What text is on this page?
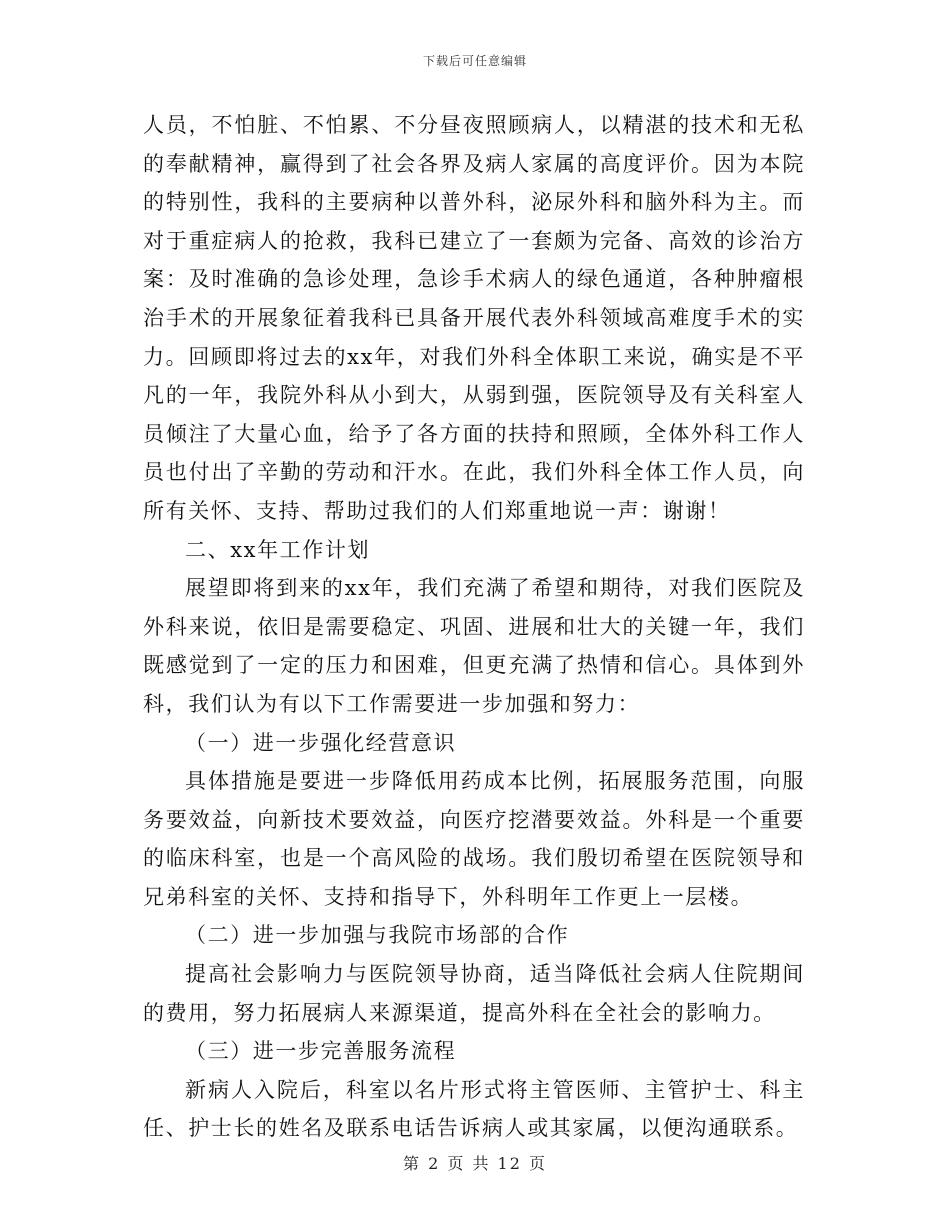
下载后可任意编辑

人员，不怕脏、不怕累、不分昼夜照顾病人，以精湛的技术和无私的奉献精神，赢得到了社会各界及病人家属的高度评价。因为本院的特别性，我科的主要病种以普外科，泌尿外科和脑外科为主。而对于重症病人的抢救，我科已建立了一套颇为完备、高效的诊治方案：及时准确的急诊处理，急诊手术病人的绿色通道，各种肿瘤根治手术的开展象征着我科已具备开展代表外科领域高难度手术的实力。回顾即将过去的xx年，对我们外科全体职工来说，确实是不平凡的一年，我院外科从小到大，从弱到强，医院领导及有关科室人员倾注了大量心血，给予了各方面的扶持和照顾，全体外科工作人员也付出了辛勤的劳动和汗水。在此，我们外科全体工作人员，向所有关怀、支持、帮助过我们的人们郑重地说一声：谢谢！

二、xx年工作计划

展望即将到来的xx年，我们充满了希望和期待，对我们医院及外科来说，依旧是需要稳定、巩固、进展和壮大的关键一年，我们既感觉到了一定的压力和困难，但更充满了热情和信心。具体到外科，我们认为有以下工作需要进一步加强和努力：

（一）进一步强化经营意识

具体措施是要进一步降低用药成本比例，拓展服务范围，向服务要效益，向新技术要效益，向医疗挖潜要效益。外科是一个重要的临床科室，也是一个高风险的战场。我们殷切希望在医院领导和兄弟科室的关怀、支持和指导下，外科明年工作更上一层楼。

（二）进一步加强与我院市场部的合作

提高社会影响力与医院领导协商，适当降低社会病人住院期间的费用，努力拓展病人来源渠道，提高外科在全社会的影响力。

（三）进一步完善服务流程

新病人入院后，科室以名片形式将主管医师、主管护士、科主任、护士长的姓名及联系电话告诉病人或其家属，以便沟通联系。

第 2 页 共 12 页
